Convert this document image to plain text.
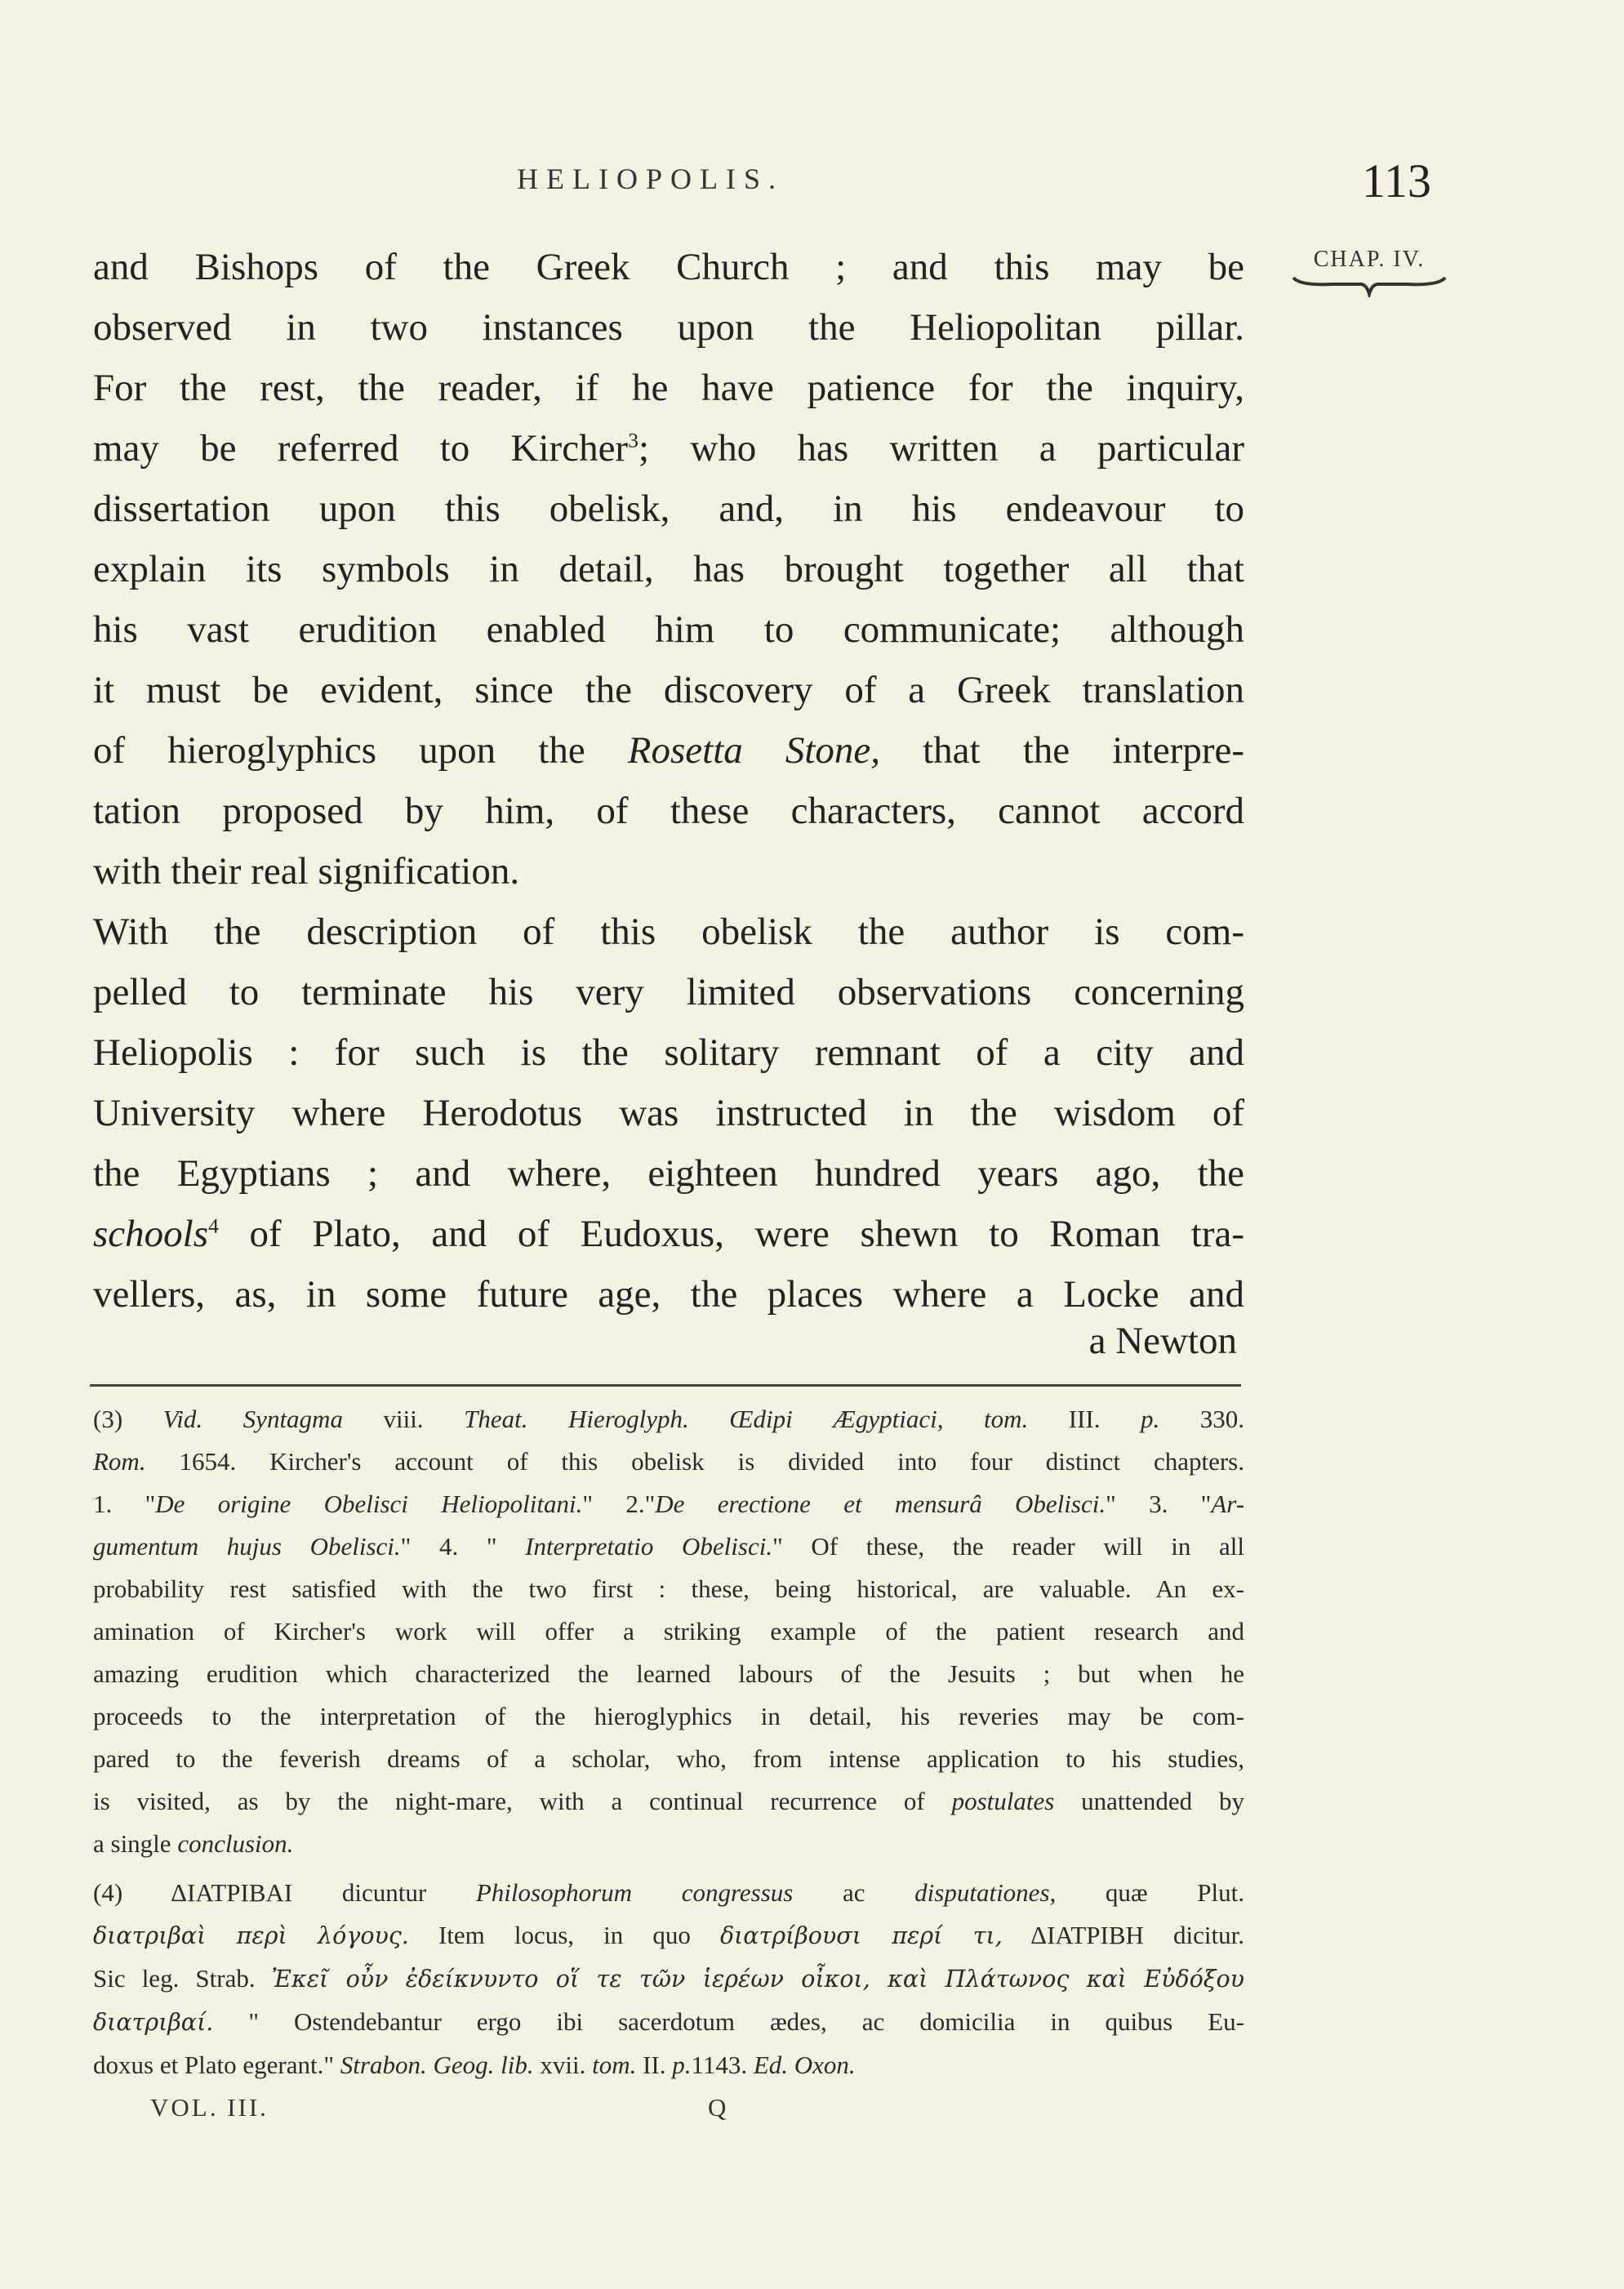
HELIOPOLIS.	113
CHAP. IV.

and Bishops of the Greek Church ; and this may be

observed in two instances upon the Heliopolitan pillar.

For the rest, the reader, if he have patience for the inquiry,

may be referred to Kircher$^3$; who has written a particular

dissertation upon this obelisk, and, in his endeavour to

explain its symbols in detail, has brought together all that

his vast erudition enabled him to communicate; although

it must be evident, since the discovery of a Greek translation

of hieroglyphics upon the Rosetta Stone, that the interpre-

tation proposed by him, of these characters, cannot accord

with their real signification.

With the description of this obelisk the author is com-

pelled to terminate his very limited observations concerning

Heliopolis : for such is the solitary remnant of a city and

University where Herodotus was instructed in the wisdom of

the Egyptians ; and where, eighteen hundred years ago, the

schools$^4$ of Plato, and of Eudoxus, were shewn to Roman tra-

vellers, as, in some future age, the places where a Locke and

a Newton

(3) Vid. Syntagma viii. Theat. Hieroglyph. Œdipi Ægyptiaci, tom. III. p. 330.

Rom. 1654. Kircher's account of this obelisk is divided into four distinct chapters.

1. "De origine Obelisci Heliopolitani." 2."De erectione et mensurâ Obelisci." 3. "Ar-

gumentum hujus Obelisci." 4. " Interpretatio Obelisci." Of these, the reader will in all

probability rest satisfied with the two first : these, being historical, are valuable. An ex-

amination of Kircher's work will offer a striking example of the patient research and

amazing erudition which characterized the learned labours of the Jesuits ; but when he

proceeds to the interpretation of the hieroglyphics in detail, his reveries may be com-

pared to the feverish dreams of a scholar, who, from intense application to his studies,

is visited, as by the night-mare, with a continual recurrence of postulates unattended by

a single conclusion.

(4) ΔΙΑΤΡΙΒΑΙ dicuntur Philosophorum congressus ac disputationes, quæ Plut.

διατριβαὶ περὶ λόγους. Item locus, in quo διατρίβουσι περί τι, ΔΙΑΤΡΙΒΗ dicitur.

Sic leg. Strab. Ἐκεῖ οὖν ἐδείκνυντο οἵ τε τῶν ἱερέων οἶκοι, καὶ Πλάτωνος καὶ Εὐδόξου

διατριβαί. " Ostendebantur ergo ibi sacerdotum ædes, ac domicilia in quibus Eu-

doxus et Plato egerant." Strabon. Geog. lib. xvii. tom. II. p.1143. Ed. Oxon.

VOL. III.	Q
